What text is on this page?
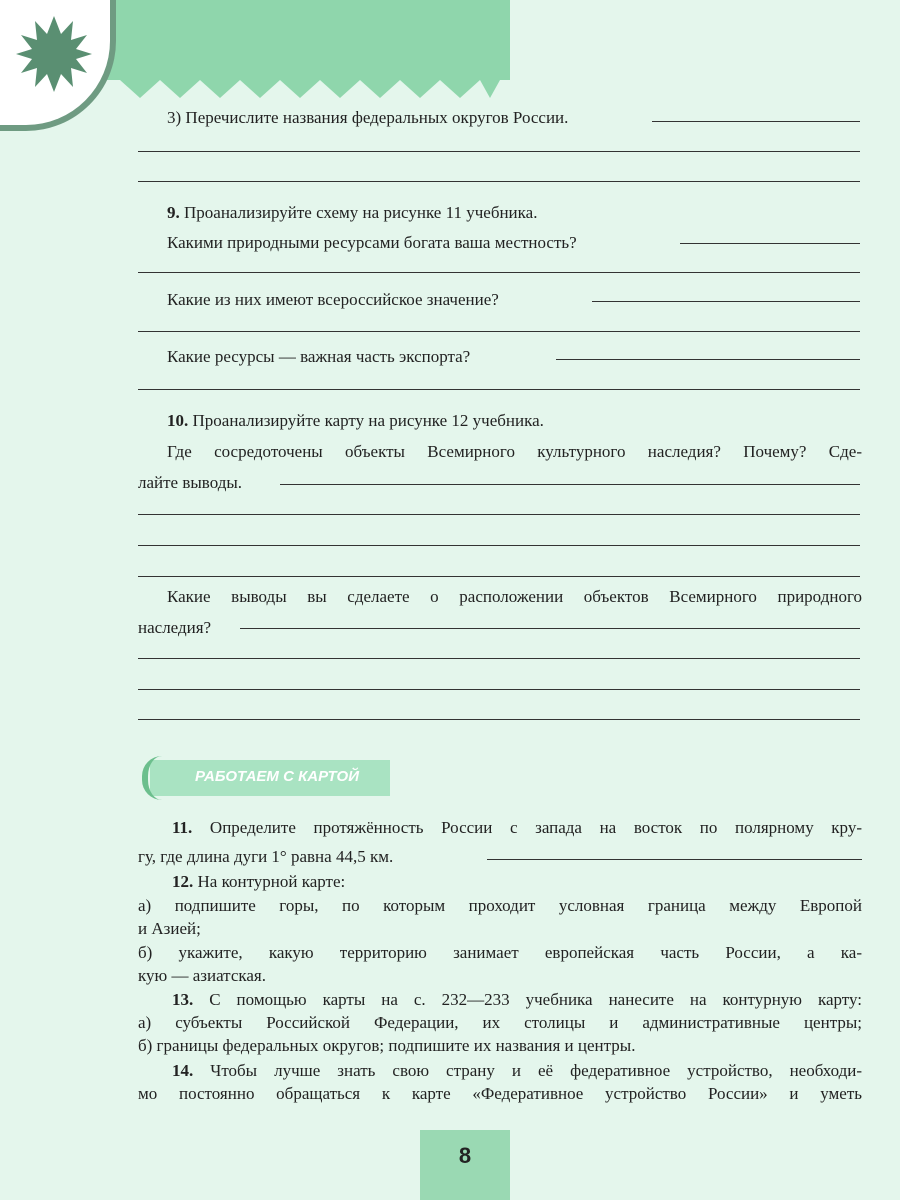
3) Перечислите названия федеральных округов России.
9. Проанализируйте схему на рисунке 11 учебника.
Какими природными ресурсами богата ваша местность?
Какие из них имеют всероссийское значение?
Какие ресурсы — важная часть экспорта?
10. Проанализируйте карту на рисунке 12 учебника.
Где сосредоточены объекты Всемирного культурного наследия? Почему? Сде-
лайте выводы.
Какие выводы вы сделаете о расположении объектов Всемирного природного
наследия?
РАБОТАЕМ С КАРТОЙ
11. Определите протяжённость России с запада на восток по полярному кру-
гу, где длина дуги 1° равна 44,5 км.
12. На контурной карте:
а) подпишите горы, по которым проходит условная граница между Европой
и Азией;
б) укажите, какую территорию занимает европейская часть России, а ка-
кую — азиатская.
13. С помощью карты на с. 232—233 учебника нанесите на контурную карту:
а) субъекты Российской Федерации, их столицы и административные центры;
б) границы федеральных округов; подпишите их названия и центры.
14. Чтобы лучше знать свою страну и её федеративное устройство, необходи-
мо постоянно обращаться к карте «Федеративное устройство России» и уметь
8
